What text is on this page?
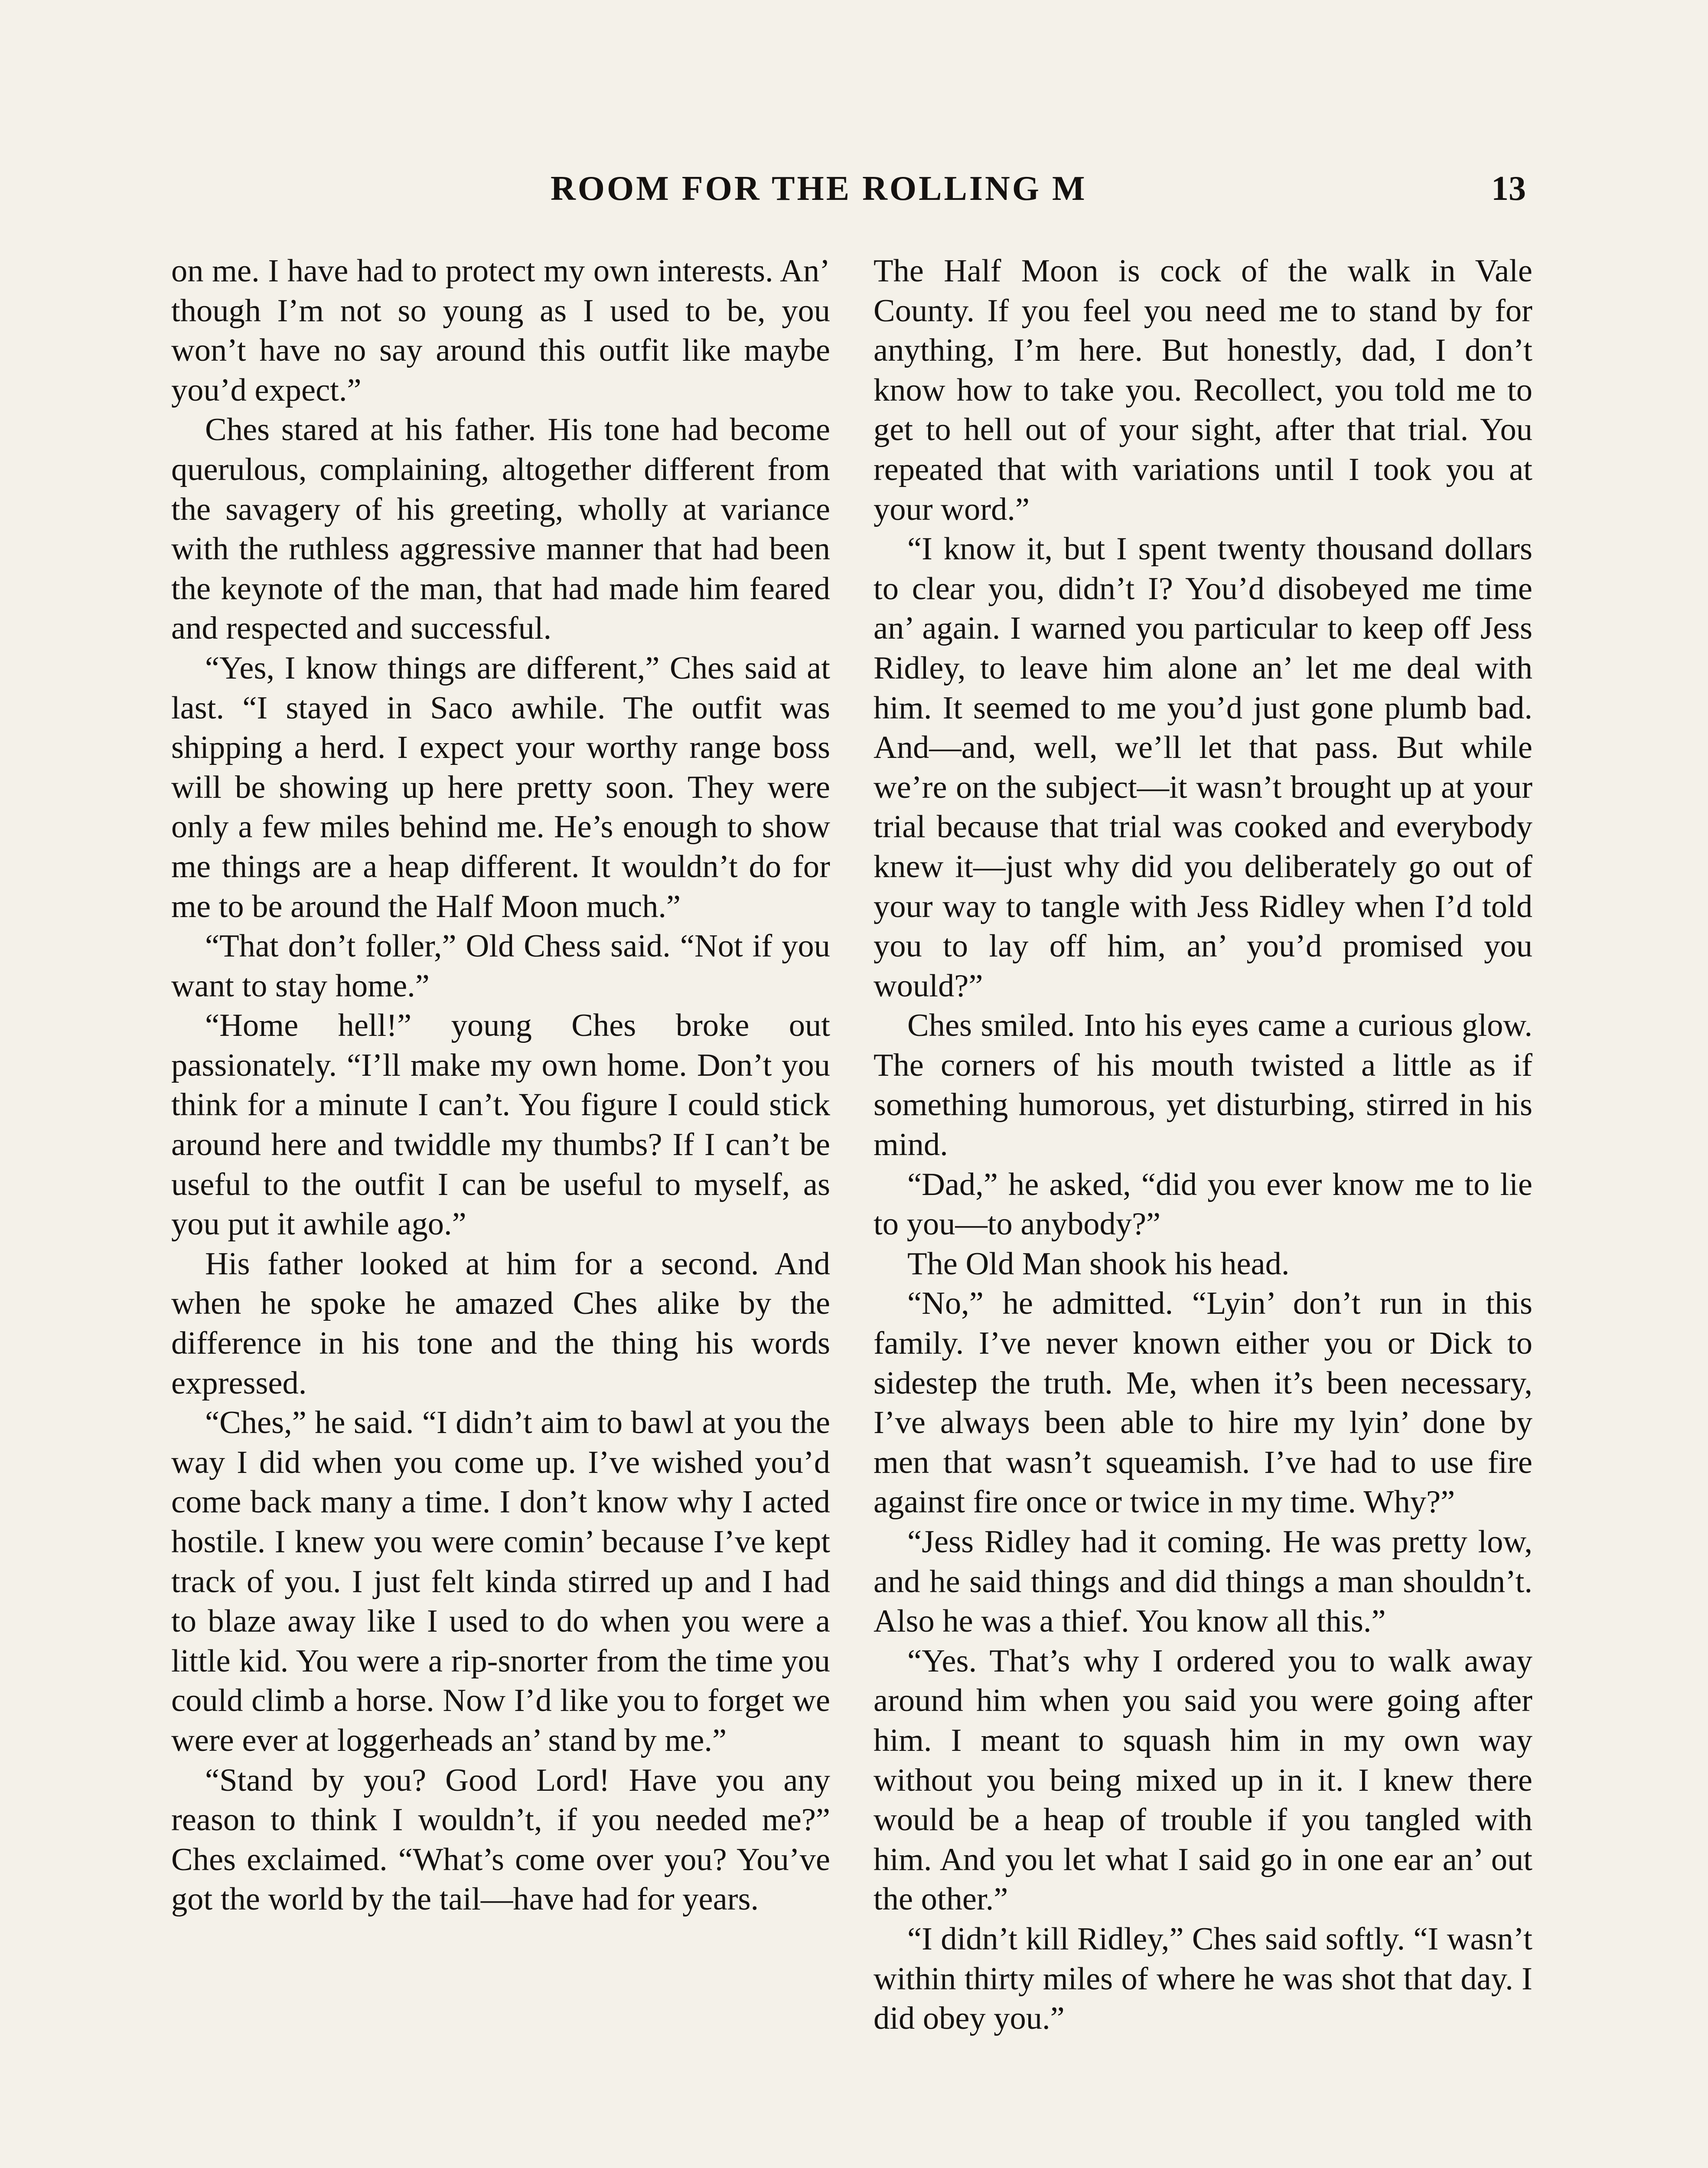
ROOM FOR THE ROLLING M	13

on me. I have had to protect my own interests. An’ though I’m not so young as I used to be, you won’t have no say around this outfit like maybe you’d expect.”

Ches stared at his father. His tone had become querulous, complaining, altogether different from the savagery of his greeting, wholly at variance with the ruthless aggressive manner that had been the keynote of the man, that had made him feared and respected and successful.

“Yes, I know things are different,” Ches said at last. “I stayed in Saco awhile. The outfit was shipping a herd. I expect your worthy range boss will be showing up here pretty soon. They were only a few miles behind me. He’s enough to show me things are a heap different. It wouldn’t do for me to be around the Half Moon much.”

“That don’t foller,” Old Chess said. “Not if you want to stay home.”

“Home hell!” young Ches broke out passionately. “I’ll make my own home. Don’t you think for a minute I can’t. You figure I could stick around here and twiddle my thumbs? If I can’t be useful to the outfit I can be useful to myself, as you put it awhile ago.”

His father looked at him for a second. And when he spoke he amazed Ches alike by the difference in his tone and the thing his words expressed.

“Ches,” he said. “I didn’t aim to bawl at you the way I did when you come up. I’ve wished you’d come back many a time. I don’t know why I acted hostile. I knew you were comin’ because I’ve kept track of you. I just felt kinda stirred up and I had to blaze away like I used to do when you were a little kid. You were a rip-snorter from the time you could climb a horse. Now I’d like you to forget we were ever at loggerheads an’ stand by me.”

“Stand by you? Good Lord! Have you any reason to think I wouldn’t, if you needed me?” Ches exclaimed. “What’s come over you? You’ve got the world by the tail—have had for years.

The Half Moon is cock of the walk in Vale County. If you feel you need me to stand by for anything, I’m here. But honestly, dad, I don’t know how to take you. Recollect, you told me to get to hell out of your sight, after that trial. You repeated that with variations until I took you at your word.”

“I know it, but I spent twenty thousand dollars to clear you, didn’t I? You’d disobeyed me time an’ again. I warned you particular to keep off Jess Ridley, to leave him alone an’ let me deal with him. It seemed to me you’d just gone plumb bad. And—and, well, we’ll let that pass. But while we’re on the subject—it wasn’t brought up at your trial because that trial was cooked and everybody knew it—just why did you deliberately go out of your way to tangle with Jess Ridley when I’d told you to lay off him, an’ you’d promised you would?”

Ches smiled. Into his eyes came a curious glow. The corners of his mouth twisted a little as if something humorous, yet disturbing, stirred in his mind.

“Dad,” he asked, “did you ever know me to lie to you—to anybody?”

The Old Man shook his head.

“No,” he admitted. “Lyin’ don’t run in this family. I’ve never known either you or Dick to sidestep the truth. Me, when it’s been necessary, I’ve always been able to hire my lyin’ done by men that wasn’t squeamish. I’ve had to use fire against fire once or twice in my time. Why?”

“Jess Ridley had it coming. He was pretty low, and he said things and did things a man shouldn’t. Also he was a thief. You know all this.”

“Yes. That’s why I ordered you to walk away around him when you said you were going after him. I meant to squash him in my own way without you being mixed up in it. I knew there would be a heap of trouble if you tangled with him. And you let what I said go in one ear an’ out the other.”

“I didn’t kill Ridley,” Ches said softly. “I wasn’t within thirty miles of where he was shot that day. I did obey you.”
